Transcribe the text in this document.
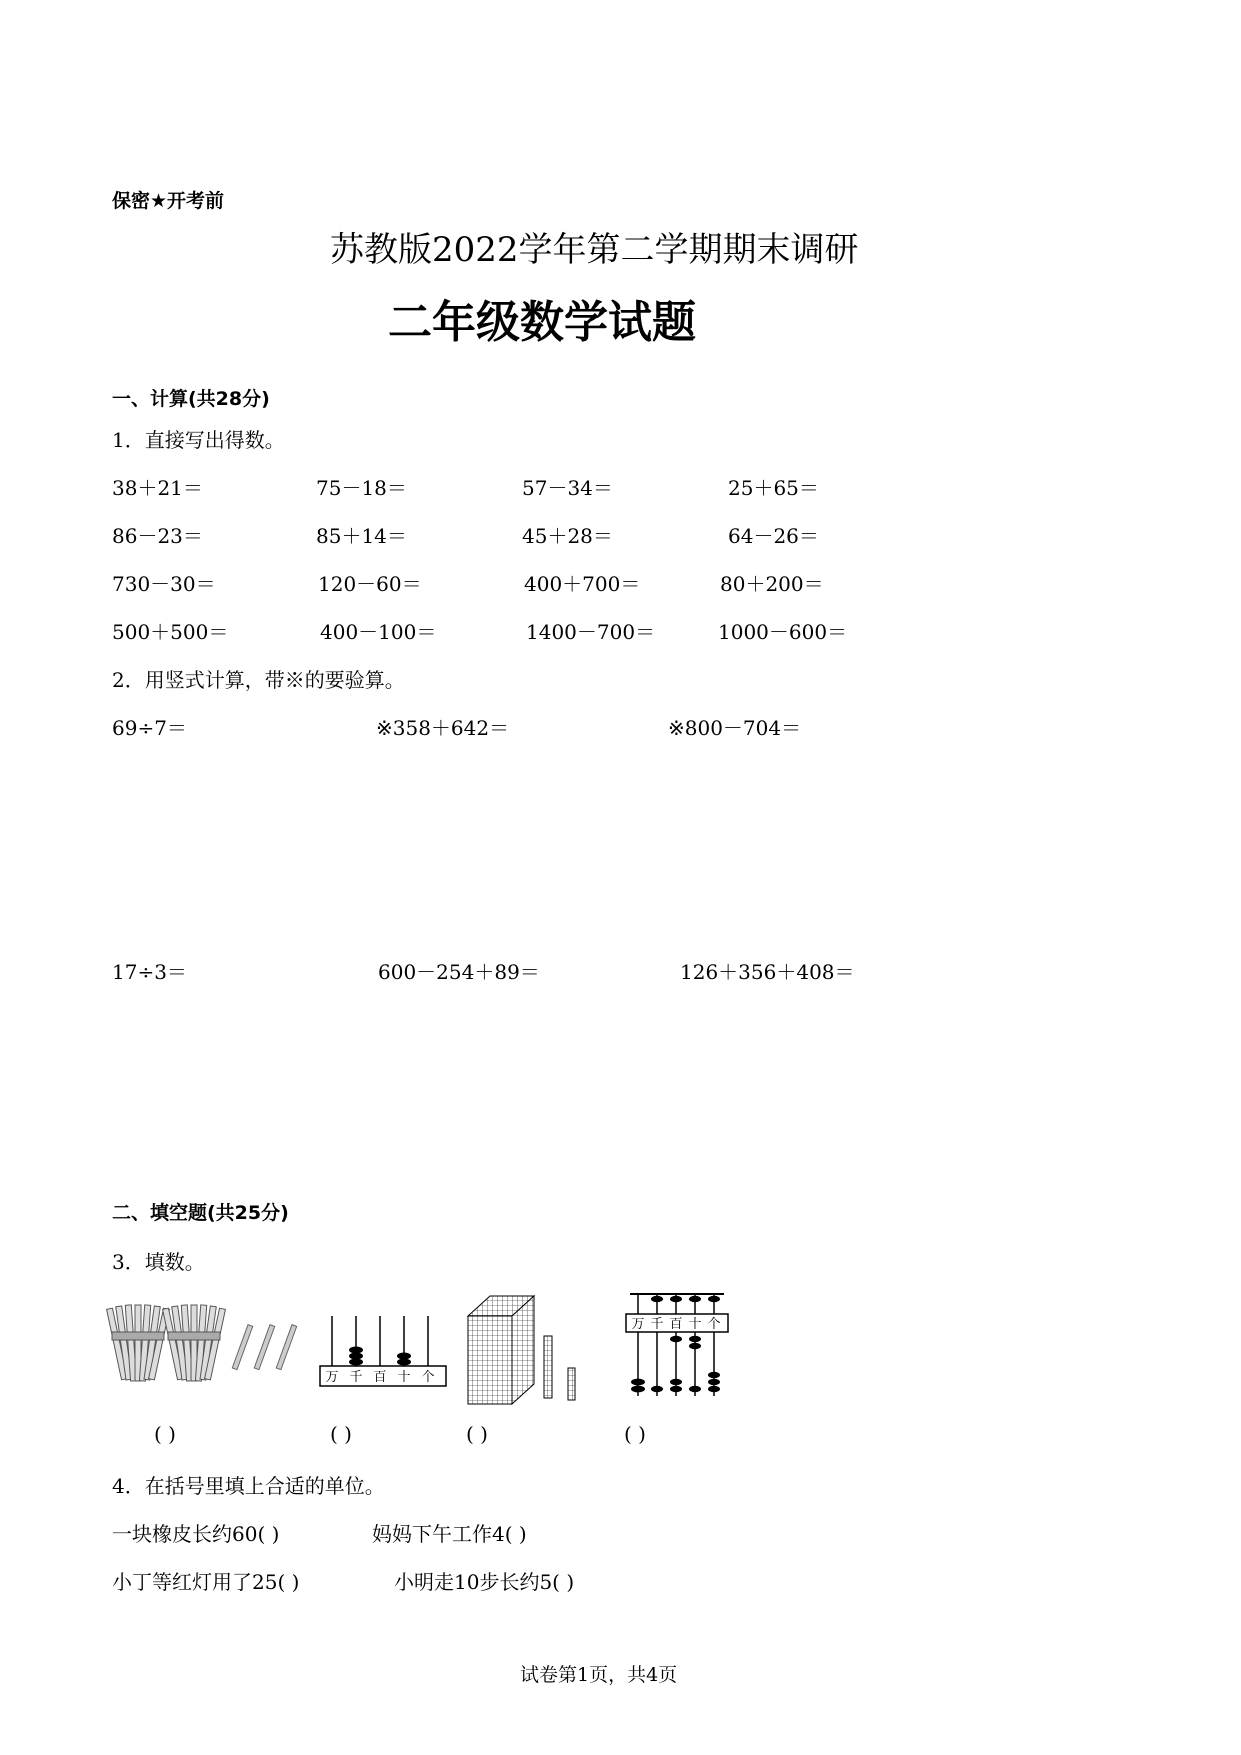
保密★开考前
苏教版2022学年第二学期期末调研
二年级数学试题
一、计算(共28分)
1．直接写出得数。
38＋21＝	75－18＝	57－34＝	25＋65＝
86－23＝	85＋14＝	45＋28＝	64－26＝
730－30＝	120－60＝	400＋700＝	80＋200＝
500＋500＝	400－100＝	1400－700＝	1000－600＝
2．用竖式计算，带※的要验算。
69÷7＝	※358＋642＝	※800－704＝
17÷3＝	600－254＋89＝	126＋356＋408＝
二、填空题(共25分)
3．填数。
万 千 百 十 个
万 千 百 十 个
( )	( )	( )	( )
4．在括号里填上合适的单位。
一块橡皮长约60( )	妈妈下午工作4( )
小丁等红灯用了25( )	小明走10步长约5( )
试卷第1页，共4页
